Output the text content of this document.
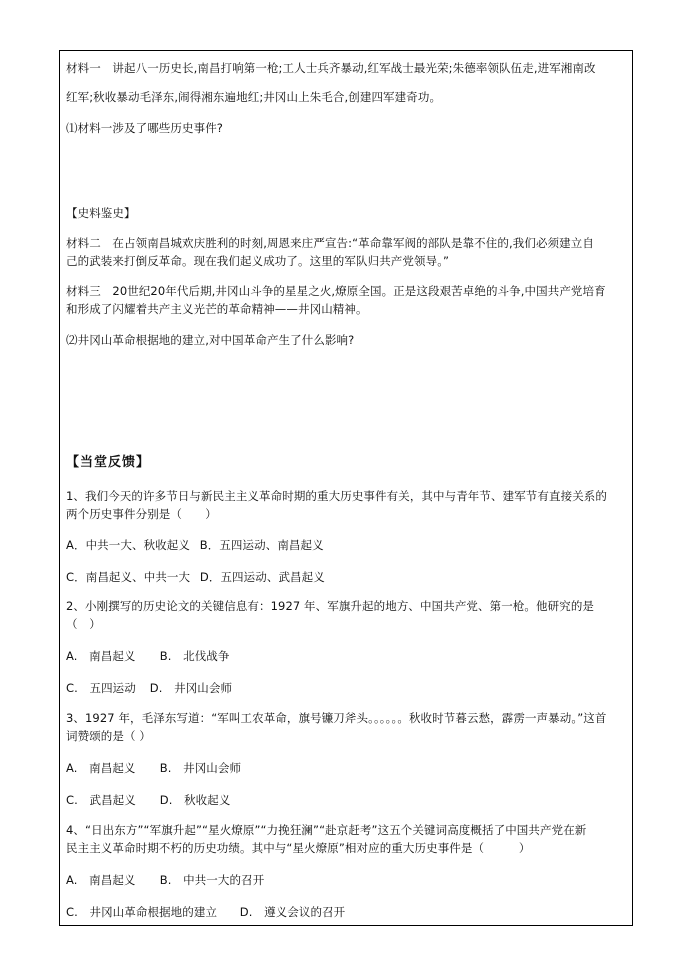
材料一　讲起八一历史长,南昌打响第一枪;工人士兵齐暴动,红军战士最光荣;朱德率领队伍走,进军湘南改
红军;秋收暴动毛泽东,闹得湘东遍地红;井冈山上朱毛合,创建四军建奇功。
⑴材料一涉及了哪些历史事件?
【史料鉴史】
材料二　在占领南昌城欢庆胜利的时刻,周恩来庄严宣告:“革命靠军阀的部队是靠不住的,我们必须建立自
己的武装来打倒反革命。现在我们起义成功了。这里的军队归共产党领导。”
材料三　20世纪20年代后期,井冈山斗争的星星之火,燎原全国。正是这段艰苦卓绝的斗争,中国共产党培育
和形成了闪耀着共产主义光芒的革命精神——井冈山精神。
⑵井冈山革命根据地的建立,对中国革命产生了什么影响?
【当堂反馈】
1、我们今天的许多节日与新民主主义革命时期的重大历史事件有关，其中与青年节、建军节有直接关系的
两个历史事件分别是（　　）
A．中共一大、秋收起义 B．五四运动、南昌起义
C．南昌起义、中共一大 D．五四运动、武昌起义
2、小刚撰写的历史论文的关键信息有：1927 年、军旗升起的地方、中国共产党、第一枪。他研究的是
（　）
A.　南昌起义 B.　北伐战争
C.　五四运动 D.　井冈山会师
3、1927 年，毛泽东写道：“军叫工农革命，旗号镰刀斧头。。。。。。秋收时节暮云愁，霹雳一声暴动。”这首
词赞颂的是（ ）
A.　南昌起义 B.　井冈山会师
C.　武昌起义 D.　秋收起义
4、“日出东方”“军旗升起”“星火燎原”“力挽狂澜”“赴京赶考”这五个关键词高度概括了中国共产党在新
民主主义革命时期不朽的历史功绩。其中与“星火燎原”相对应的重大历史事件是（　　　）
A.　南昌起义 B.　中共一大的召开
C.　井冈山革命根据地的建立 D.　遵义会议的召开
